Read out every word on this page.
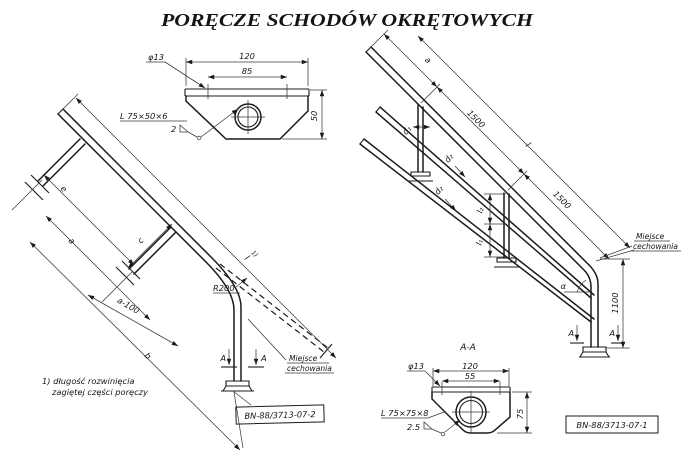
PORĘCZE SCHODÓW OKRĘTOWYCH
120
85
φ13
50
L 75×50×6
2
e
a
b
c
a-100
l
1)
R200
A	A	Miejsce
cechowania
1) długość rozwinięcia
zagiętej części poręczy
BN-88/3713-07-2
a
1500
1500
l
d₁
d₂
d₂
l₂
l₁
α
1100
A	A
Miejsce
cechowania
A-A
120
55
φ13
75
L 75×75×8
2.5	BN-88/3713-07-1
